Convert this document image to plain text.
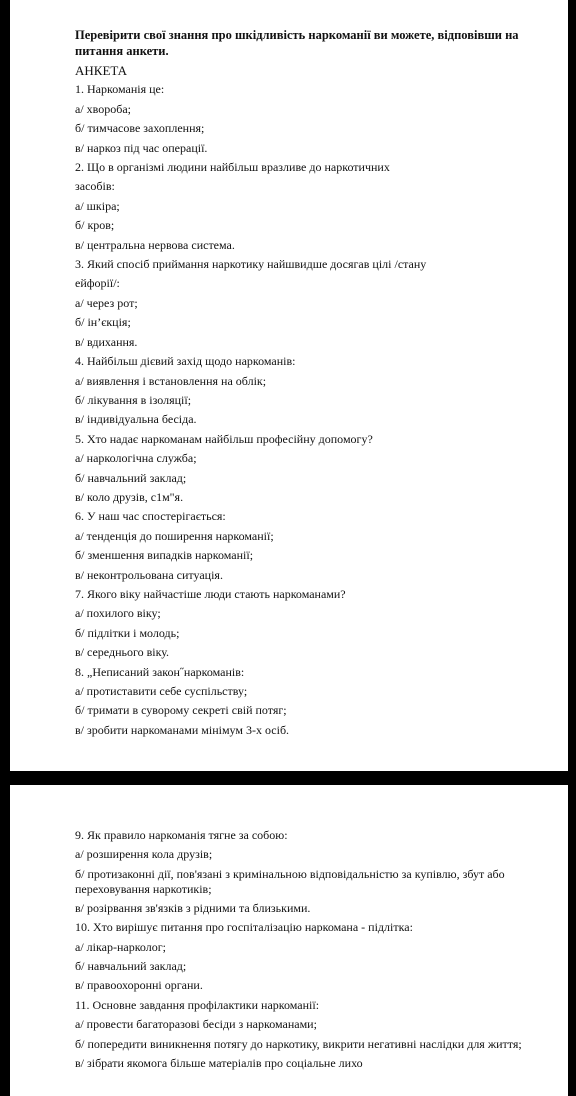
Перевірити свої знання про шкідливість наркоманії ви можете, відповівши на питання анкети.
АНКЕТА
1. Наркоманія це:
а/ хвороба;
б/ тимчасове захоплення;
в/ наркоз під час операції.
2. Що в організмі людини найбільш вразливе до наркотичних
засобів:
а/ шкіра;
б/ кров;
в/ центральна нервова система.
3. Який спосіб приймання наркотику найшвидше досягав цілі /стану
ейфорії/:
а/ через рот;
б/ ін’єкція;
в/ вдихання.
4. Найбільш дієвий захід щодо наркоманів:
а/ виявлення і встановлення на облік;
б/ лікування в ізоляції;
в/ індивідуальна бесіда.
5. Хто надає наркоманам найбільш професійну допомогу?
а/ наркологічна служба;
б/ навчальний заклад;
в/ коло друзів, с1м"я.
6. У наш час спостерігається:
а/ тенденція до поширення наркоманії;
б/ зменшення випадків наркоманії;
в/ неконтрольована ситуація.
7. Якого віку найчастіше люди стають наркоманами?
а/ похилого віку;
б/ підлітки і молодь;
в/ середнього віку.
8. „Неписаний закон˝наркоманів:
а/ протиставити себе суспільству;
б/ тримати в суворому секреті свій потяг;
в/ зробити наркоманами мінімум 3-х осіб.
9. Як правило наркоманія тягне за собою:
а/ розширення кола друзів;
б/ протизаконні дії, пов'язані з кримінальною відповідальністю за купівлю, збут або переховування наркотиків;
в/ розірвання зв'язків з рідними та близькими.
10. Хто вирішує питання про госпіталізацію наркомана - підлітка:
а/ лікар-нарколог;
б/ навчальний заклад;
в/ правоохоронні органи.
11. Основне завдання профілактики наркоманії:
а/ провести багаторазові бесіди з наркоманами;
б/ попередити виникнення потягу до наркотику, викрити негативні наслідки для життя;
в/ зібрати якомога більше матеріалів про соціальне лихо
